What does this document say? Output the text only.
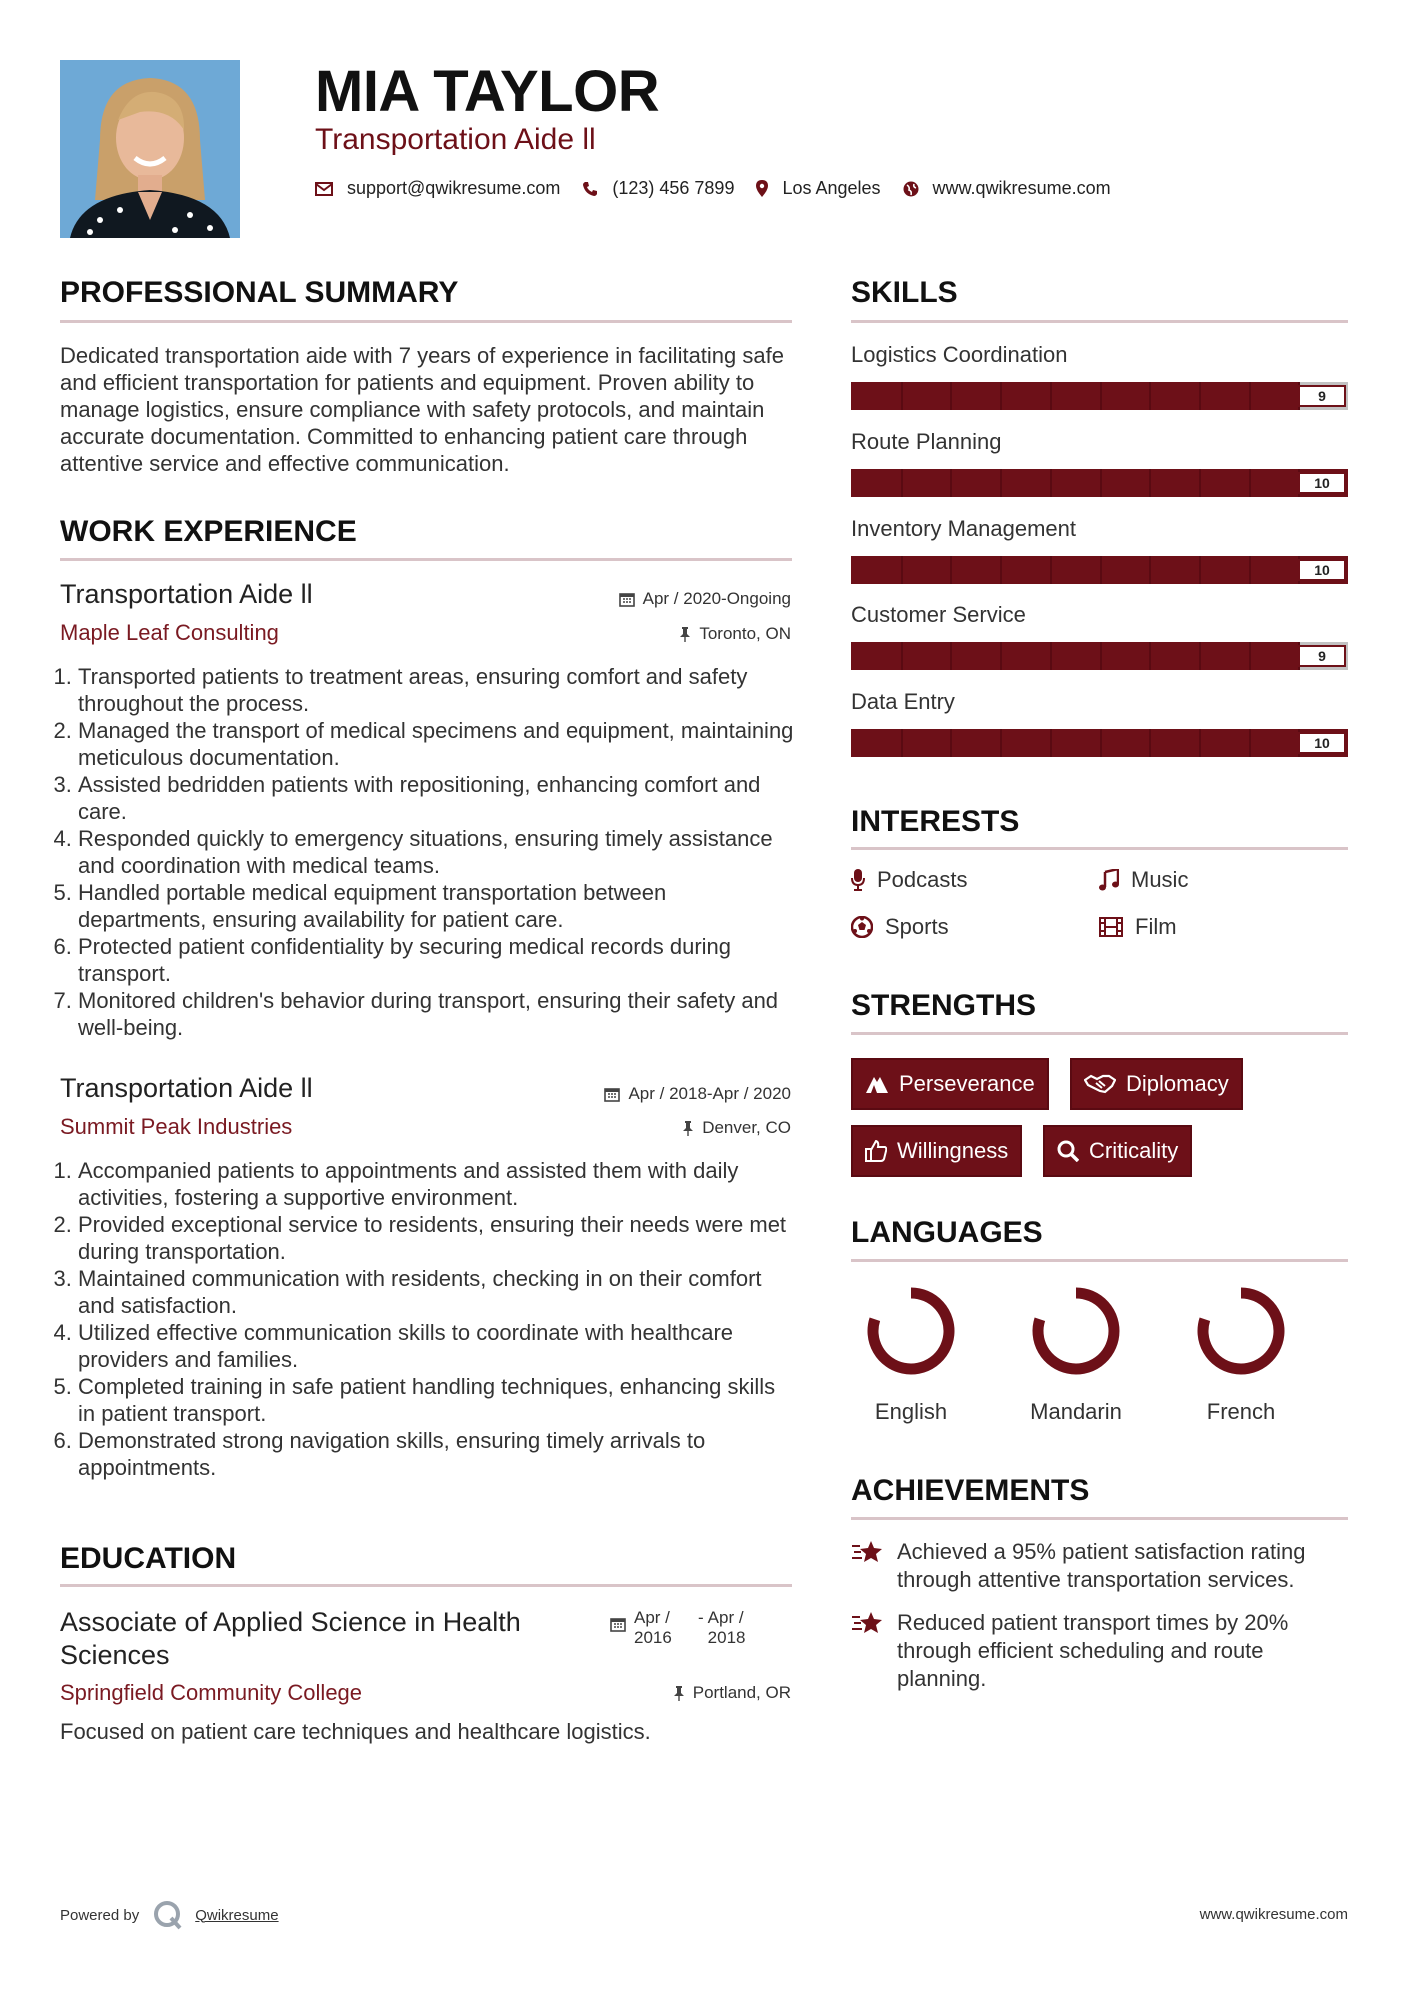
MIA TAYLOR
Transportation Aide ll
support@qwikresume.com	(123) 456 7899	Los Angeles	www.qwikresume.com
PROFESSIONAL SUMMARY
Dedicated transportation aide with 7 years of experience in facilitating safe and efficient transportation for patients and equipment. Proven ability to manage logistics, ensure compliance with safety protocols, and maintain accurate documentation. Committed to enhancing patient care through attentive service and effective communication.
WORK EXPERIENCE
Transportation Aide ll	Apr / 2020-Ongoing
Maple Leaf Consulting	Toronto, ON
1. Transported patients to treatment areas, ensuring comfort and safety throughout the process.
2. Managed the transport of medical specimens and equipment, maintaining meticulous documentation.
3. Assisted bedridden patients with repositioning, enhancing comfort and care.
4. Responded quickly to emergency situations, ensuring timely assistance and coordination with medical teams.
5. Handled portable medical equipment transportation between departments, ensuring availability for patient care.
6. Protected patient confidentiality by securing medical records during transport.
7. Monitored children's behavior during transport, ensuring their safety and well-being.
Transportation Aide ll	Apr / 2018-Apr / 2020
Summit Peak Industries	Denver, CO
1. Accompanied patients to appointments and assisted them with daily activities, fostering a supportive environment.
2. Provided exceptional service to residents, ensuring their needs were met during transportation.
3. Maintained communication with residents, checking in on their comfort and satisfaction.
4. Utilized effective communication skills to coordinate with healthcare providers and families.
5. Completed training in safe patient handling techniques, enhancing skills in patient transport.
6. Demonstrated strong navigation skills, ensuring timely arrivals to appointments.
EDUCATION
Associate of Applied Science in Health Sciences
Apr / 2016
- Apr / 2018
Springfield Community College	Portland, OR
Focused on patient care techniques and healthcare logistics.
SKILLS
Logistics Coordination
9
Route Planning
10
Inventory Management
10
Customer Service
9
Data Entry
10
INTERESTS
Podcasts	Music
Sports	Film
STRENGTHS
Perseverance	Diplomacy
Willingness	Criticality
LANGUAGES
English	Mandarin	French
ACHIEVEMENTS
Achieved a 95% patient satisfaction rating through attentive transportation services.
Reduced patient transport times by 20% through efficient scheduling and route planning.
Powered by	Qwikresume	www.qwikresume.com
